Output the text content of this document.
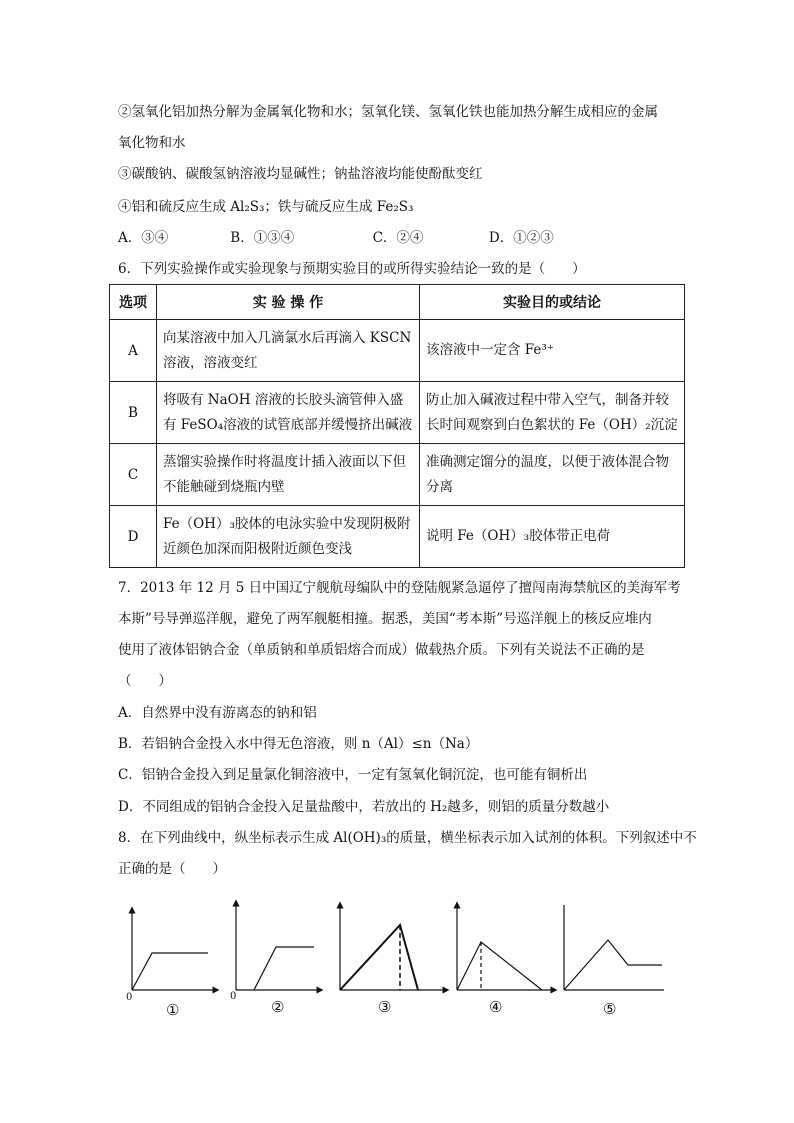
②氢氧化铝加热分解为金属氧化物和水；氢氧化镁、氢氧化铁也能加热分解生成相应的金属
氧化物和水
③碳酸钠、碳酸氢钠溶液均显碱性；钠盐溶液均能使酚酞变红
④铝和硫反应生成 Al₂S₃；铁与硫反应生成 Fe₂S₃
A．③④	B．①③④	C．②④	D．①②③
6．下列实验操作或实验现象与预期实验目的或所得实验结论一致的是（　　）
选项	实 验 操 作	实验目的或结论
A	向某溶液中加入几滴氯水后再滴入 KSCN 溶液，溶液变红	该溶液中一定含 Fe³⁺
B	将吸有 NaOH 溶液的长胶头滴管伸入盛有 FeSO₄溶液的试管底部并缓慢挤出碱液	防止加入碱液过程中带入空气，制备并较长时间观察到白色絮状的 Fe（OH）₂沉淀
C	蒸馏实验操作时将温度计插入液面以下但不能触碰到烧瓶内壁	准确测定馏分的温度，以便于液体混合物分离
D	Fe（OH）₃胶体的电泳实验中发现阴极附近颜色加深而阳极附近颜色变浅	说明 Fe（OH）₃胶体带正电荷
7．2013 年 12 月 5 日中国辽宁舰航母编队中的登陆舰紧急逼停了擅闯南海禁航区的美海军考
本斯”号导弹巡洋舰，避免了两军舰艇相撞。据悉，美国“考本斯”号巡洋舰上的核反应堆内
使用了液体铝钠合金（单质钠和单质铝熔合而成）做载热介质。下列有关说法不正确的是
（　　）
A．自然界中没有游离态的钠和铝
B．若铝钠合金投入水中得无色溶液，则 n（Al）≤n（Na）
C．铝钠合金投入到足量氯化铜溶液中，一定有氢氧化铜沉淀，也可能有铜析出
D．不同组成的铝钠合金投入足量盐酸中，若放出的 H₂越多，则铝的质量分数越小
8．在下列曲线中，纵坐标表示生成 Al(OH)₃的质量，横坐标表示加入试剂的体积。下列叙述中不
正确的是（　　）
0	0
①	②	③	④	⑤
